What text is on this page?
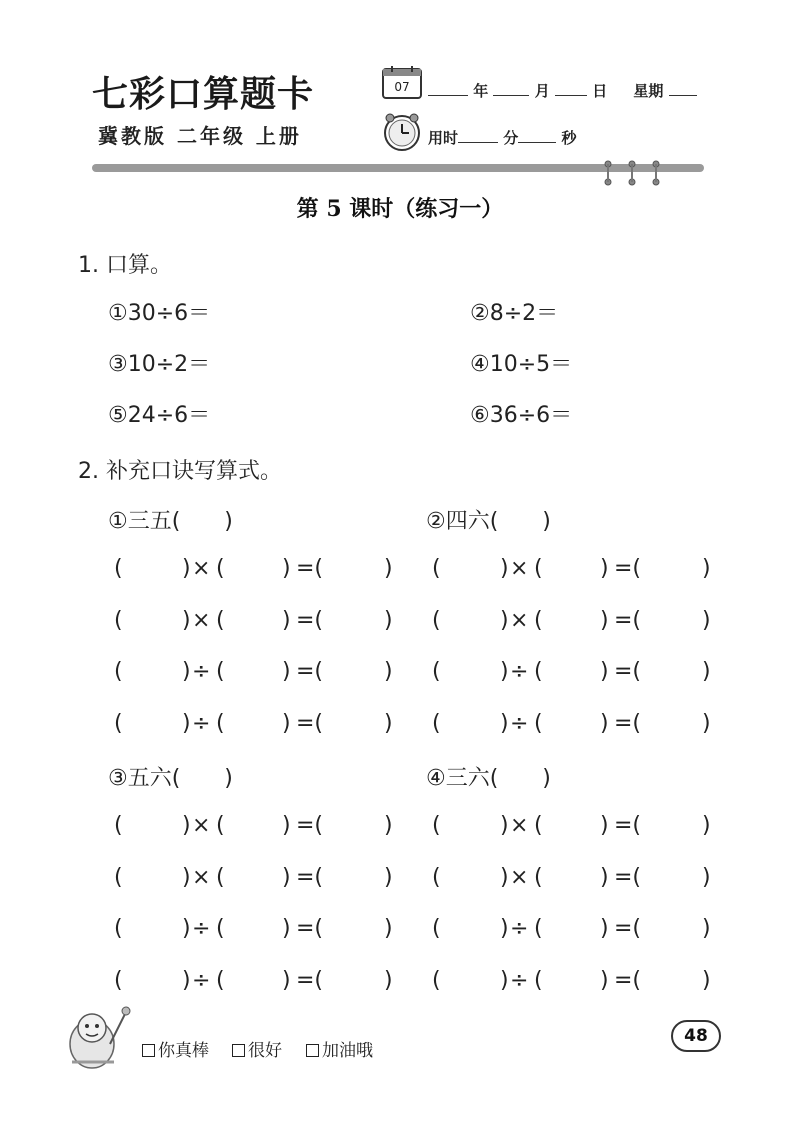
七彩口算题卡
冀教版 二年级 上册
07	年	月	日 星期
用时	分	秒
第 5 课时（练习一）
1. 口算。
①30÷6＝	②8÷2＝
③10÷2＝	④10÷5＝
⑤24÷6＝	⑥36÷6＝
2. 补充口诀写算式。
①三五(  )
(	) × (	) =(	)
(	) × (	) =(	)
(	) ÷ (	) =(	)
(	) ÷ (	) =(	)
②四六(  )
(	) × (	) =(	)
(	) × (	) =(	)
(	) ÷ (	) =(	)
(	) ÷ (	) =(	)
③五六(  )
(	) × (	) =(	)
(	) × (	) =(	)
(	) ÷ (	) =(	)
(	) ÷ (	) =(	)
④三六(  )
(	) × (	) =(	)
(	) × (	) =(	)
(	) ÷ (	) =(	)
(	) ÷ (	) =(	)
你真棒	很好	加油哦
48
